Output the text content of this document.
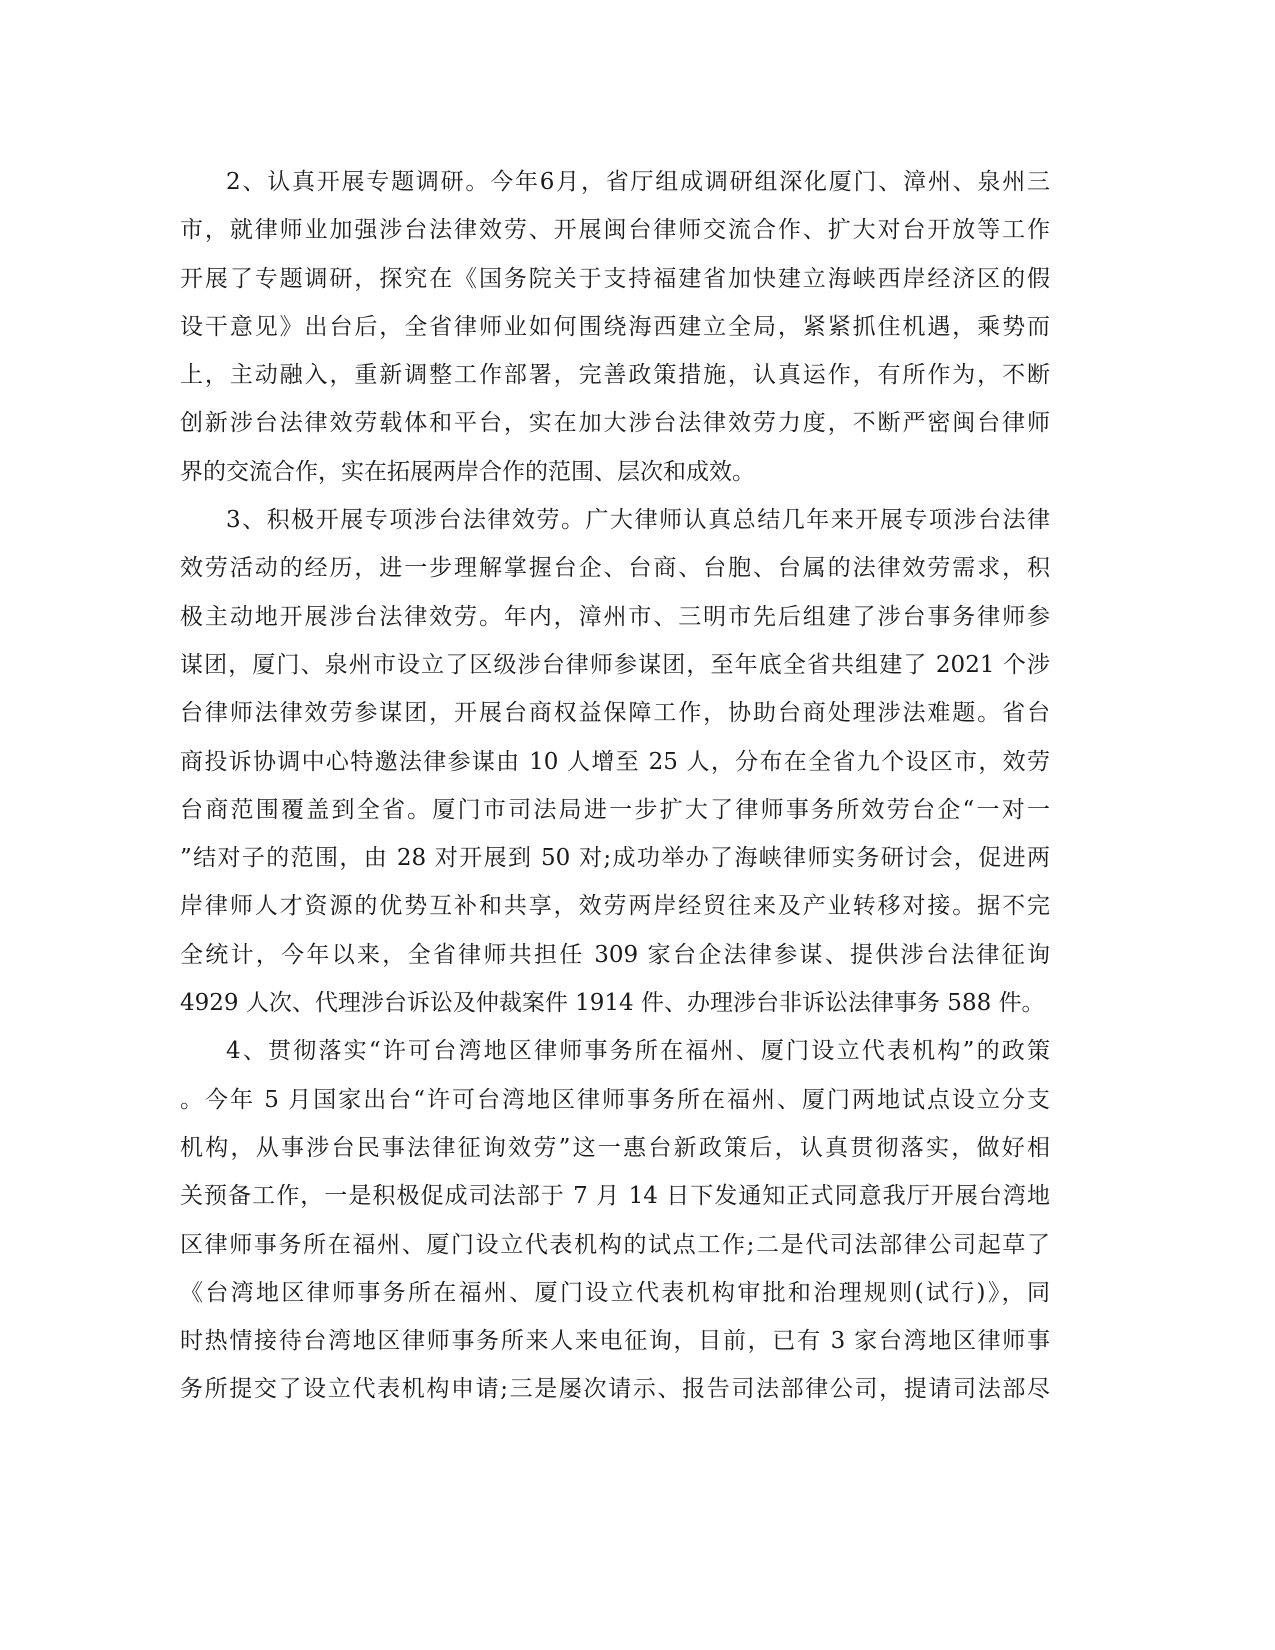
2、认真开展专题调研。今年6月，省厅组成调研组深化厦门、漳州、泉州三
市，就律师业加强涉台法律效劳、开展闽台律师交流合作、扩大对台开放等工作
开展了专题调研，探究在《国务院关于支持福建省加快建立海峡西岸经济区的假
设干意见》出台后，全省律师业如何围绕海西建立全局，紧紧抓住机遇，乘势而
上，主动融入，重新调整工作部署，完善政策措施，认真运作，有所作为，不断
创新涉台法律效劳载体和平台，实在加大涉台法律效劳力度，不断严密闽台律师
界的交流合作，实在拓展两岸合作的范围、层次和成效。
3、积极开展专项涉台法律效劳。广大律师认真总结几年来开展专项涉台法律
效劳活动的经历，进一步理解掌握台企、台商、台胞、台属的法律效劳需求，积
极主动地开展涉台法律效劳。年内，漳州市、三明市先后组建了涉台事务律师参
谋团，厦门、泉州市设立了区级涉台律师参谋团，至年底全省共组建了 2021 个涉
台律师法律效劳参谋团，开展台商权益保障工作，协助台商处理涉法难题。省台
商投诉协调中心特邀法律参谋由 10 人增至 25 人，分布在全省九个设区市，效劳
台商范围覆盖到全省。厦门市司法局进一步扩大了律师事务所效劳台企“一对一
”结对子的范围，由 28 对开展到 50 对;成功举办了海峡律师实务研讨会，促进两
岸律师人才资源的优势互补和共享，效劳两岸经贸往来及产业转移对接。据不完
全统计，今年以来，全省律师共担任 309 家台企法律参谋、提供涉台法律征询
4929 人次、代理涉台诉讼及仲裁案件 1914 件、办理涉台非诉讼法律事务 588 件。
4、贯彻落实“许可台湾地区律师事务所在福州、厦门设立代表机构”的政策
。今年 5 月国家出台“许可台湾地区律师事务所在福州、厦门两地试点设立分支
机构，从事涉台民事法律征询效劳”这一惠台新政策后，认真贯彻落实，做好相
关预备工作，一是积极促成司法部于 7 月 14 日下发通知正式同意我厅开展台湾地
区律师事务所在福州、厦门设立代表机构的试点工作;二是代司法部律公司起草了
《台湾地区律师事务所在福州、厦门设立代表机构审批和治理规则(试行)》，同
时热情接待台湾地区律师事务所来人来电征询，目前，已有 3 家台湾地区律师事
务所提交了设立代表机构申请;三是屡次请示、报告司法部律公司，提请司法部尽
